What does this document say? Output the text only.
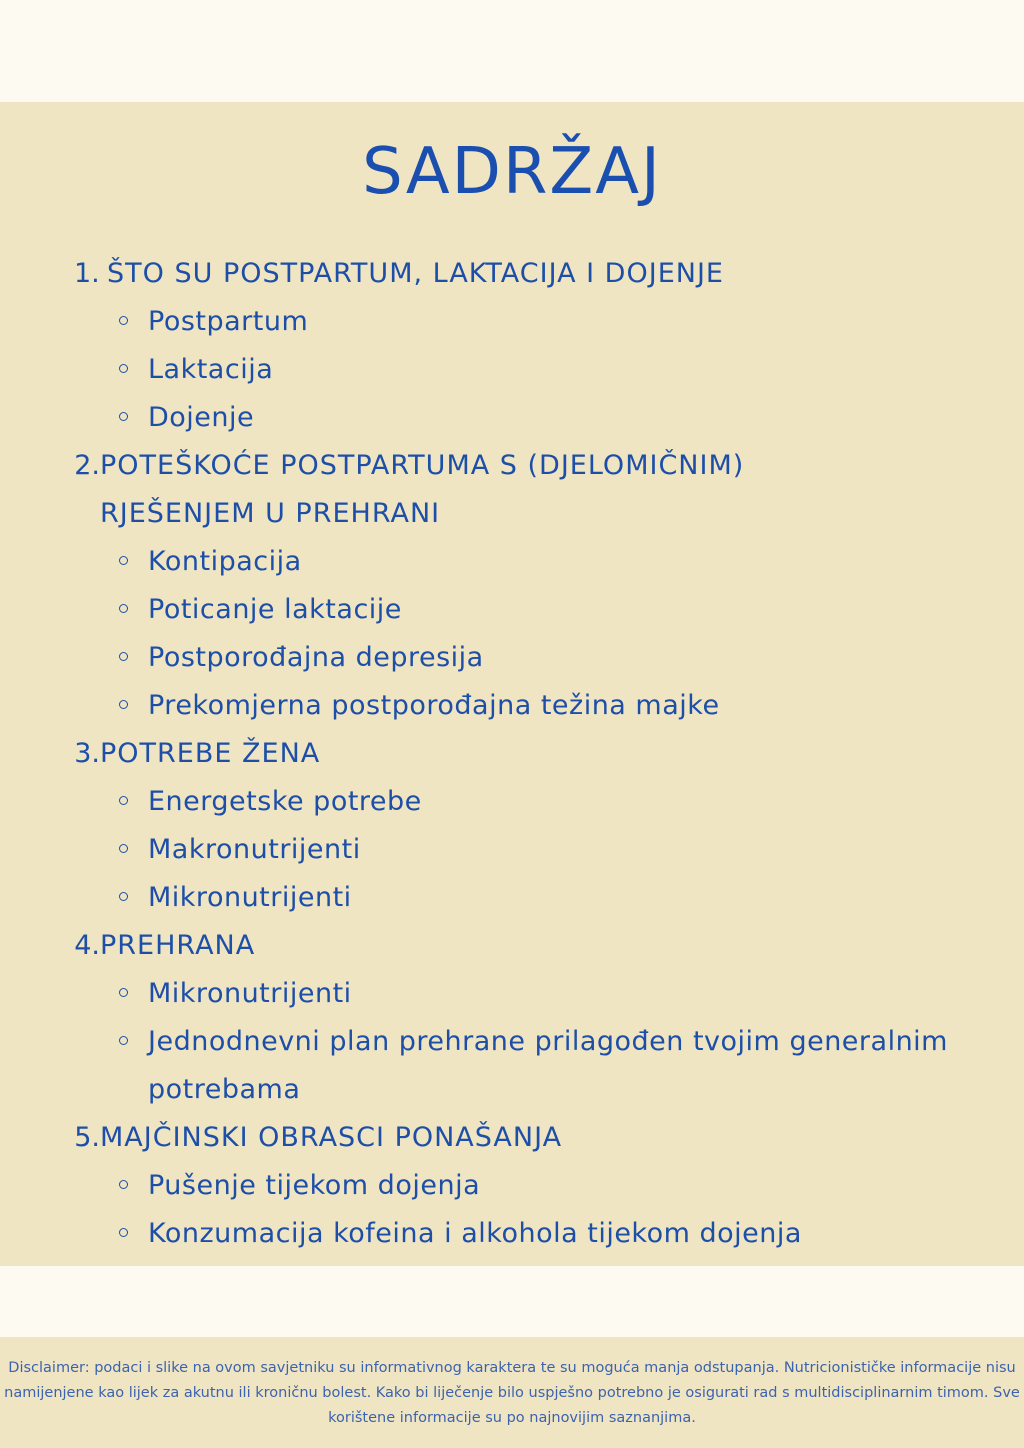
SADRŽAJ
1. ŠTO SU POSTPARTUM, LAKTACIJA I DOJENJE
Postpartum
Laktacija
Dojenje
2. POTEŠKOĆE POSTPARTUMA S (DJELOMIČNIM) RJEŠENJEM U PREHRANI
Kontipacija
Poticanje laktacije
Postporođajna depresija
Prekomjerna postporođajna težina majke
3. POTREBE ŽENA
Energetske potrebe
Makronutrijenti
Mikronutrijenti
4. PREHRANA
Mikronutrijenti
Jednodnevni plan prehrane prilagođen tvojim generalnim potrebama
5. MAJČINSKI OBRASCI PONAŠANJA
Pušenje tijekom dojenja
Konzumacija kofeina i alkohola tijekom dojenja

Disclaimer: podaci i slike na ovom savjetniku su informativnog karaktera te su moguća manja odstupanja. Nutricionističke informacije nisu namijenjene kao lijek za akutnu ili kroničnu bolest. Kako bi liječenje bilo uspješno potrebno je osigurati rad s multidisciplinarnim timom. Sve korištene informacije su po najnovijim saznanjima.
